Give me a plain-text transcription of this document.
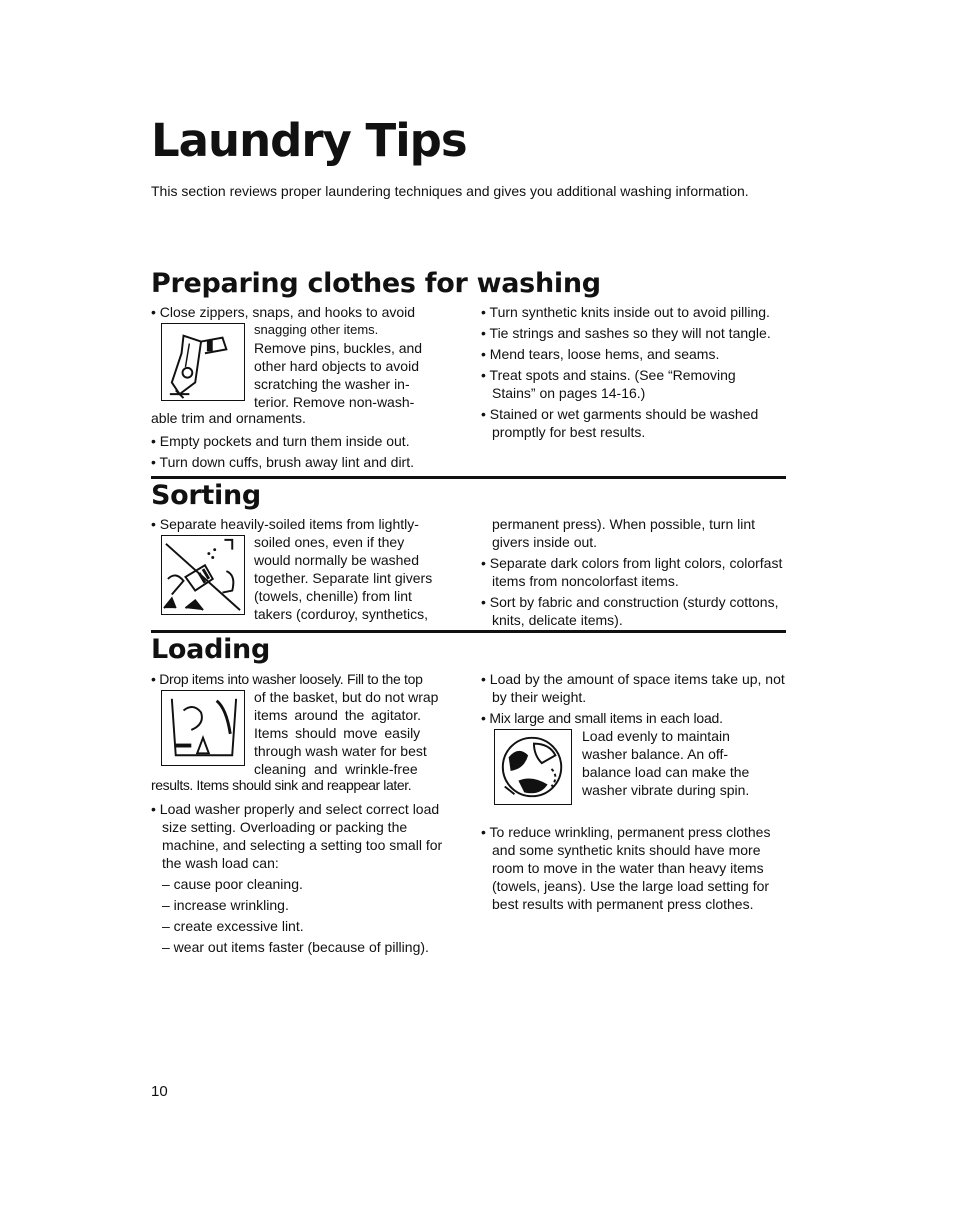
Laundry Tips
This section reviews proper laundering techniques and gives you additional washing information.
Preparing clothes for washing

• Close zippers, snaps, and hooks to avoid

snagging other items.
Remove pins, buckles, and
other hard objects to avoid
scratching the washer in-
terior. Remove non-wash-

able trim and ornaments.

• Empty pockets and turn them inside out.

• Turn down cuffs, brush away lint and dirt.

• Turn synthetic knits inside out to avoid pilling.

• Tie strings and sashes so they will not tangle.

• Mend tears, loose hems, and seams.

• Treat spots and stains. (See “Removing Stains” on pages 14-16.)

• Stained or wet garments should be washed promptly for best results.

Sorting

• Separate heavily-soiled items from lightly-

soiled ones, even if they
would normally be washed
together. Separate lint givers
(towels, chenille) from lint
takers (corduroy, synthetics,

permanent press). When possible, turn lint givers inside out.

• Separate dark colors from light colors, colorfast items from noncolorfast items.

• Sort by fabric and construction (sturdy cottons, knits, delicate items).

Loading

• Drop items into washer loosely. Fill to the top

of the basket, but do not wrap
items around the agitator.
Items should move easily
through wash water for best
cleaning and wrinkle-free

results. Items should sink and reappear later.

• Load washer properly and select correct load size setting. Overloading or packing the machine, and selecting a setting too small for the wash load can:

– cause poor cleaning.
– increase wrinkling.
– create excessive lint.
– wear out items faster (because of pilling).

• Load by the amount of space items take up, not by their weight.

• Mix large and small items in each load.

Load evenly to maintain
washer balance. An off-
balance load can make the
washer vibrate during spin.

• To reduce wrinkling, permanent press clothes and some synthetic knits should have more room to move in the water than heavy items (towels, jeans). Use the large load setting for best results with permanent press clothes.

10
